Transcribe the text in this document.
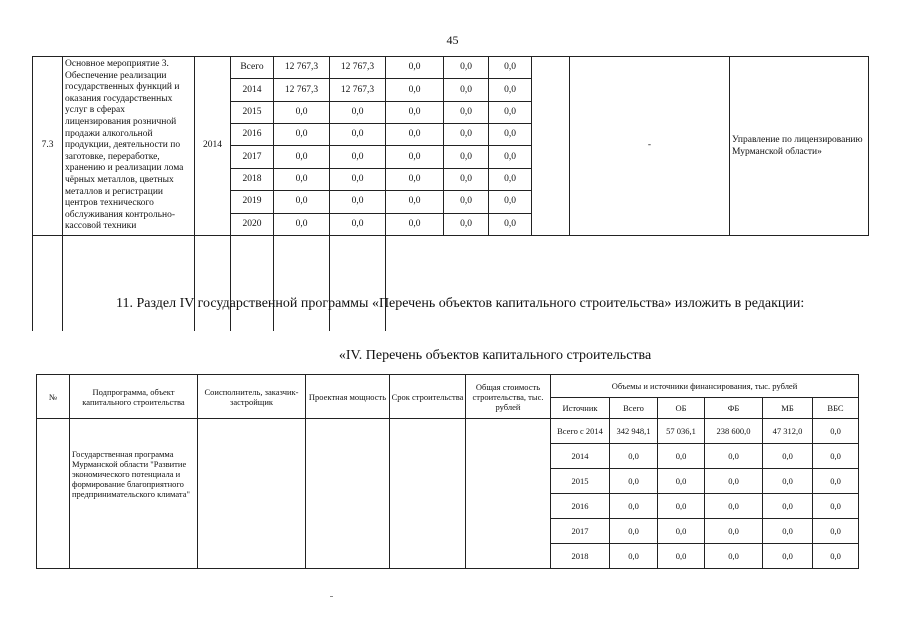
45
7.3	Основное мероприятие 3. Обеспечение реализации государственных функций и оказания государственных услуг в сферах лицензирования розничной продажи алкогольной продукции, деятельности по заготовке, переработке, хранению и реализации лома чёрных металлов, цветных металлов и регистрации центров технического обслуживания контрольно-кассовой техники	2014	Всего	12 767,3	12 767,3	0,0	0,0	0,0		-	Управление по лицензированию Мурманской области»
			2014	12 767,3	12 767,3	0,0	0,0	0,0			
			2015	0,0	0,0	0,0	0,0	0,0			
			2016	0,0	0,0	0,0	0,0	0,0			
			2017	0,0	0,0	0,0	0,0	0,0			
			2018	0,0	0,0	0,0	0,0	0,0			
			2019	0,0	0,0	0,0	0,0	0,0			
			2020	0,0	0,0	0,0	0,0	0,0			

11. Раздел IV государственной программы «Перечень объектов капитального строительства» изложить в редакции:
«IV. Перечень объектов капитального строительства
№	Подпрограмма, объект капитального строительства	Соисполнитель, заказчик-застройщик	Проектная мощность	Срок строительства	Общая стоимость строительства, тыс. рублей	Объемы и источники финансирования, тыс. рублей					
						Источник	Всего	ОБ	ФБ	МБ	ВБС
	Государственная программа Мурманской области "Развитие экономического потенциала и формирование благоприятного предпринимательского климата"					Всего с 2014	342 948,1	57 036,1	238 600,0	47 312,0	0,0
						2014	0,0	0,0	0,0	0,0	0,0
						2015	0,0	0,0	0,0	0,0	0,0
						2016	0,0	0,0	0,0	0,0	0,0
						2017	0,0	0,0	0,0	0,0	0,0
						2018	0,0	0,0	0,0	0,0	0,0
